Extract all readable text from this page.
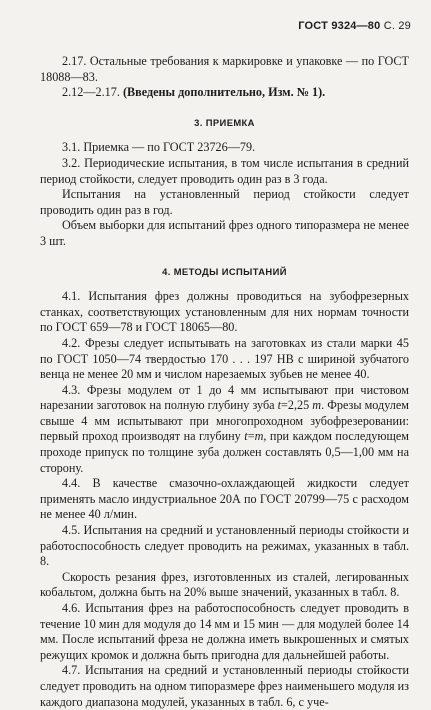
ГОСТ 9324—80 С. 29

2.17. Остальные требования к маркировке и упаковке — по ГОСТ 18088—83.

2.12—2.17. (Введены дополнительно, Изм. № 1).

3. ПРИЕМКА

3.1. Приемка — по ГОСТ 23726—79.

3.2. Периодические испытания, в том числе испытания в средний период стойкости, следует проводить один раз в 3 года.

Испытания на установленный период стойкости следует проводить один раз в год.

Объем выборки для испытаний фрез одного типоразмера не менее 3 шт.

4. МЕТОДЫ ИСПЫТАНИЙ

4.1. Испытания фрез должны проводиться на зубофрезерных станках, соответствующих установленным для них нормам точности по ГОСТ 659—78 и ГОСТ 18065—80.

4.2. Фрезы следует испытывать на заготовках из стали марки 45 по ГОСТ 1050—74 твердостью 170 . . . 197 НВ с шириной зубчатого венца не менее 20 мм и числом нарезаемых зубьев не менее 40.

4.3. Фрезы модулем от 1 до 4 мм испытывают при чистовом нарезании заготовок на полную глубину зуба t=2,25 m. Фрезы модулем свыше 4 мм испытывают при многопроходном зубофрезеровании: первый проход производят на глубину t=m, при каждом последующем проходе припуск по толщине зуба должен составлять 0,5—1,00 мм на сторону.

4.4. В качестве смазочно-охлаждающей жидкости следует применять масло индустриальное 20А по ГОСТ 20799—75 с расходом не менее 40 л/мин.

4.5. Испытания на средний и установленный периоды стойкости и работоспособность следует проводить на режимах, указанных в табл. 8.

Скорость резания фрез, изготовленных из сталей, легированных кобальтом, должна быть на 20% выше значений, указанных в табл. 8.

4.6. Испытания фрез на работоспособность следует проводить в течение 10 мин для модуля до 14 мм и 15 мин — для модулей более 14 мм. После испытаний фреза не должна иметь выкрошенных и смятых режущих кромок и должна быть пригодна для дальнейшей работы.

4.7. Испытания на средний и установленный периоды стойкости следует проводить на одном типоразмере фрез наименьшего модуля из каждого диапазона модулей, указанных в табл. 6, с уче-
